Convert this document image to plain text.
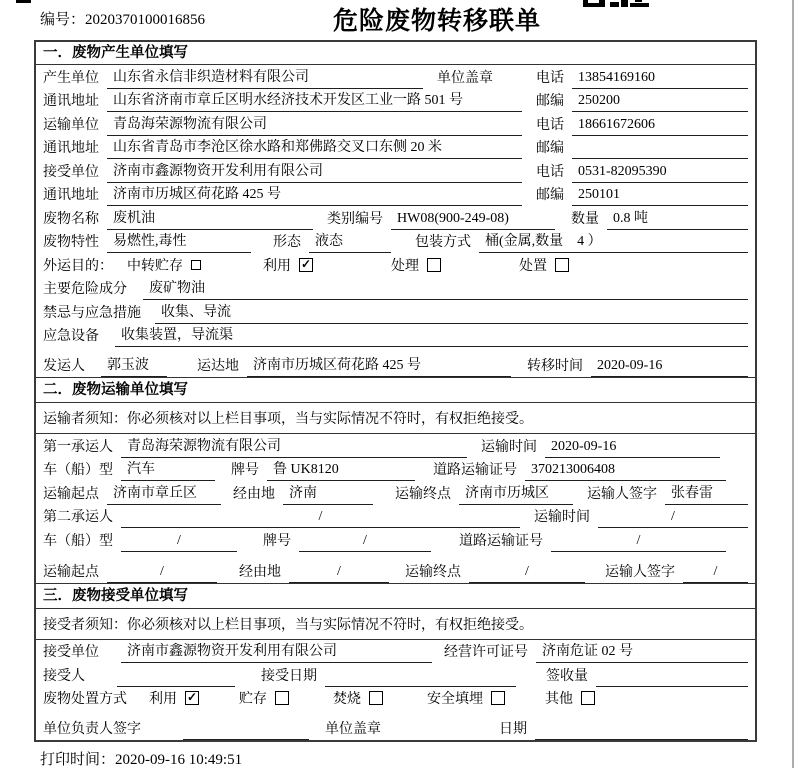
编号：2020370100016856	危险废物转移联单
一．废物产生单位填写
产生单位	山东省永信非织造材料有限公司	单位盖章	电话	13854169160
通讯地址	山东省济南市章丘区明水经济技术开发区工业一路 501 号	邮编	250200
运输单位	青岛海荣源物流有限公司	电话	18661672606
通讯地址	山东省青岛市李沧区徐水路和郑佛路交叉口东侧 20 米	邮编
接受单位	济南市鑫源物资开发利用有限公司	电话	0531-82095390
通讯地址	济南市历城区荷花路 425 号	邮编	250101
废物名称	废机油	类别编号	HW08(900-249-08)	数量	0.8 吨
废物特性	易燃性,毒性	形态	液态	包装方式	桶(金属,数量　4 ）
外运目的： 中转贮存	利用 ✓	处理	处置
主要危险成分	废矿物油
禁忌与应急措施	收集、导流
应急设备	收集装置，导流渠
发运人	郭玉波	运达地	济南市历城区荷花路 425 号	转移时间	2020-09-16
二．废物运输单位填写
运输者须知： 你必须核对以上栏目事项，当与实际情况不符时，有权拒绝接受。
第一承运人	青岛海荣源物流有限公司	运输时间	2020-09-16
车（船）型	汽车	牌号	鲁 UK8120	道路运输证号	370213006408
运输起点	济南市章丘区	经由地	济南	运输终点	济南市历城区	运输人签字	张春雷
第二承运人	/	运输时间	/
车（船）型	/	牌号	/	道路运输证号	/
运输起点	/	经由地	/	运输终点	/	运输人签字	/
三．废物接受单位填写
接受者须知： 你必须核对以上栏目事项，当与实际情况不符时，有权拒绝接受。
接受单位	济南市鑫源物资开发利用有限公司	经营许可证号	济南危证 02 号
接受人	接受日期	签收量
废物处置方式 利用 ✓	贮存	焚烧	安全填埋	其他
单位负责人签字	单位盖章	日期
打印时间：2020-09-16 10:49:51
